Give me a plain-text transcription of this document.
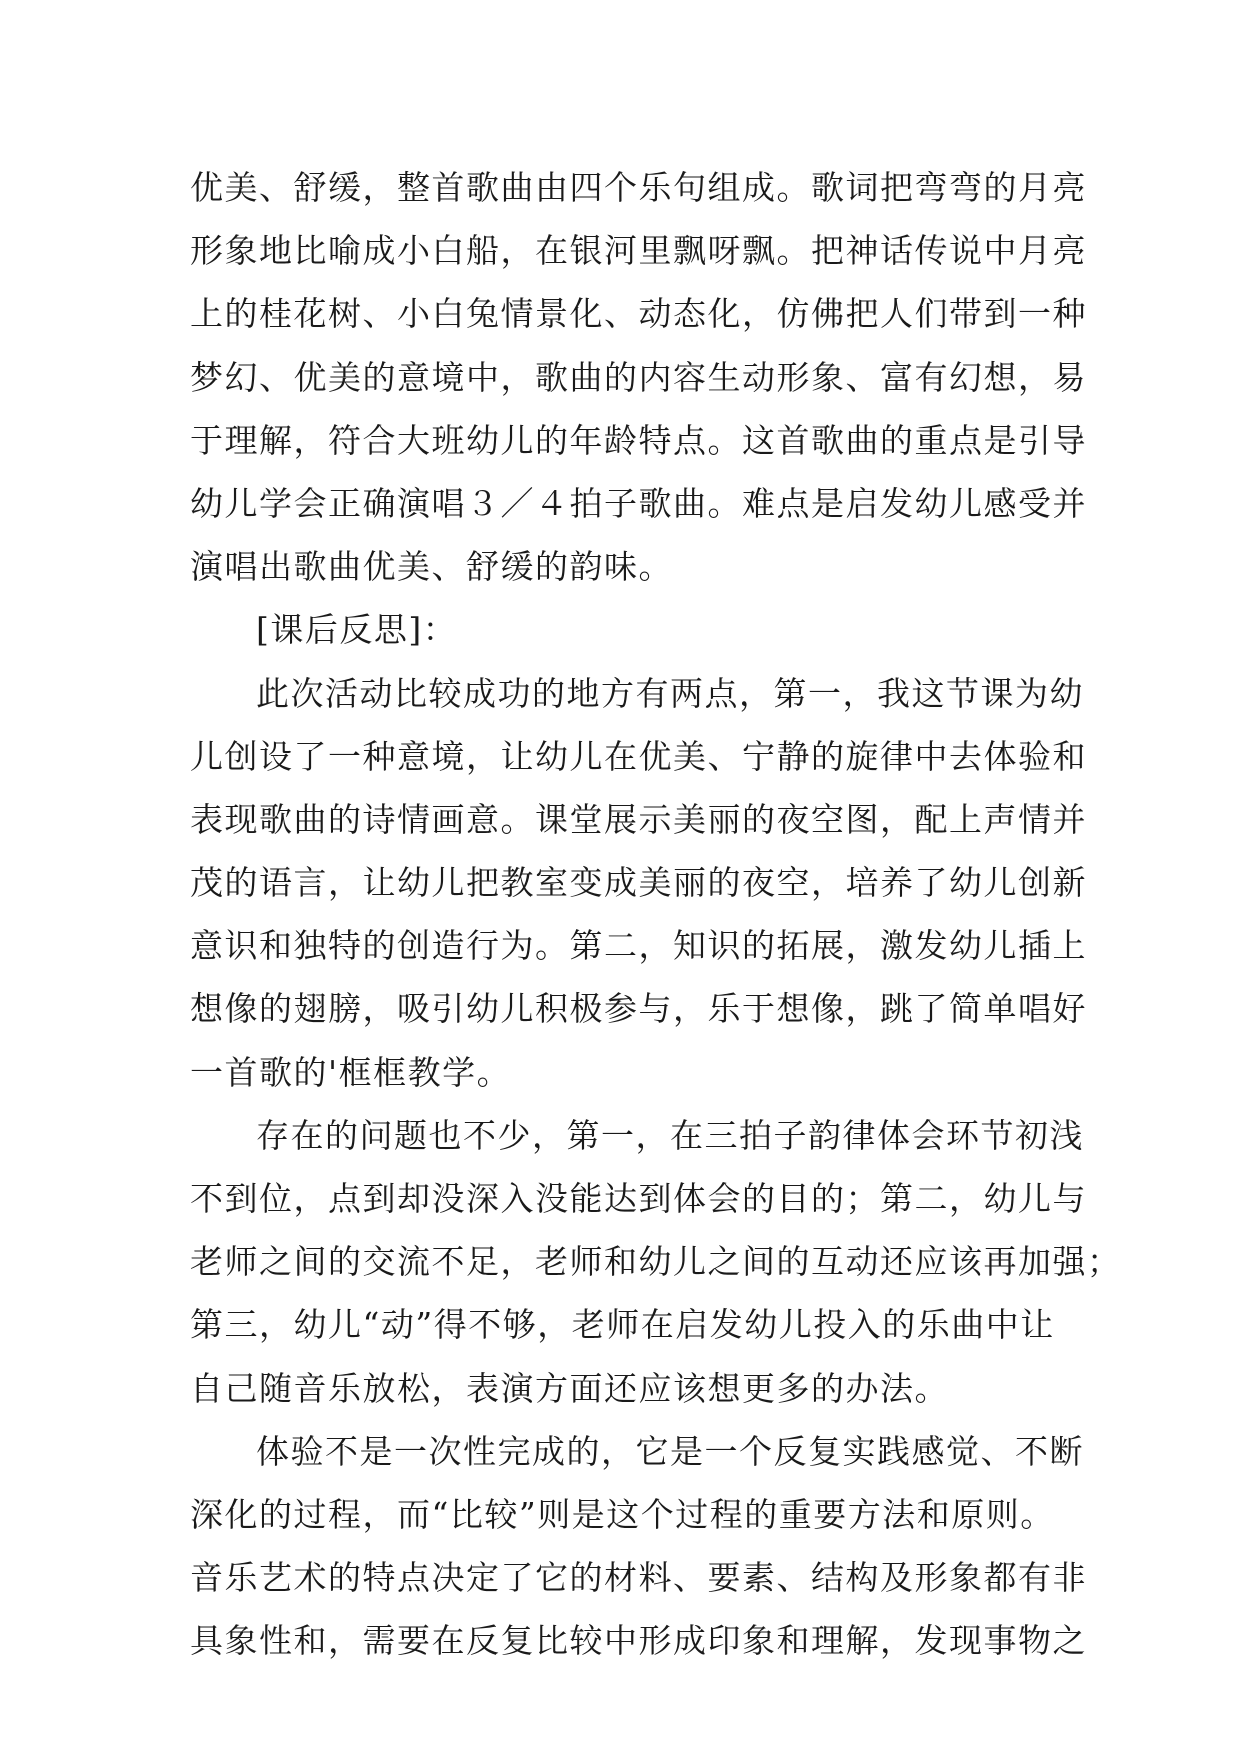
优美、舒缓，整首歌曲由四个乐句组成。歌词把弯弯的月亮
形象地比喻成小白船，在银河里飘呀飘。把神话传说中月亮
上的桂花树、小白兔情景化、动态化，仿佛把人们带到一种
梦幻、优美的意境中，歌曲的内容生动形象、富有幻想，易
于理解，符合大班幼儿的年龄特点。这首歌曲的重点是引导
幼儿学会正确演唱３／４拍子歌曲。难点是启发幼儿感受并
演唱出歌曲优美、舒缓的韵味。
[课后反思]：
此次活动比较成功的地方有两点，第一，我这节课为幼
儿创设了一种意境，让幼儿在优美、宁静的旋律中去体验和
表现歌曲的诗情画意。课堂展示美丽的夜空图，配上声情并
茂的语言，让幼儿把教室变成美丽的夜空，培养了幼儿创新
意识和独特的创造行为。第二，知识的拓展，激发幼儿插上
想像的翅膀，吸引幼儿积极参与，乐于想像，跳了简单唱好
一首歌的'框框教学。
存在的问题也不少，第一，在三拍子韵律体会环节初浅
不到位，点到却没深入没能达到体会的目的；第二，幼儿与
老师之间的交流不足，老师和幼儿之间的互动还应该再加强；
第三，幼儿“动”得不够，老师在启发幼儿投入的乐曲中让
自己随音乐放松，表演方面还应该想更多的办法。
体验不是一次性完成的，它是一个反复实践感觉、不断
深化的过程，而“比较”则是这个过程的重要方法和原则。
音乐艺术的特点决定了它的材料、要素、结构及形象都有非
具象性和，需要在反复比较中形成印象和理解，发现事物之
